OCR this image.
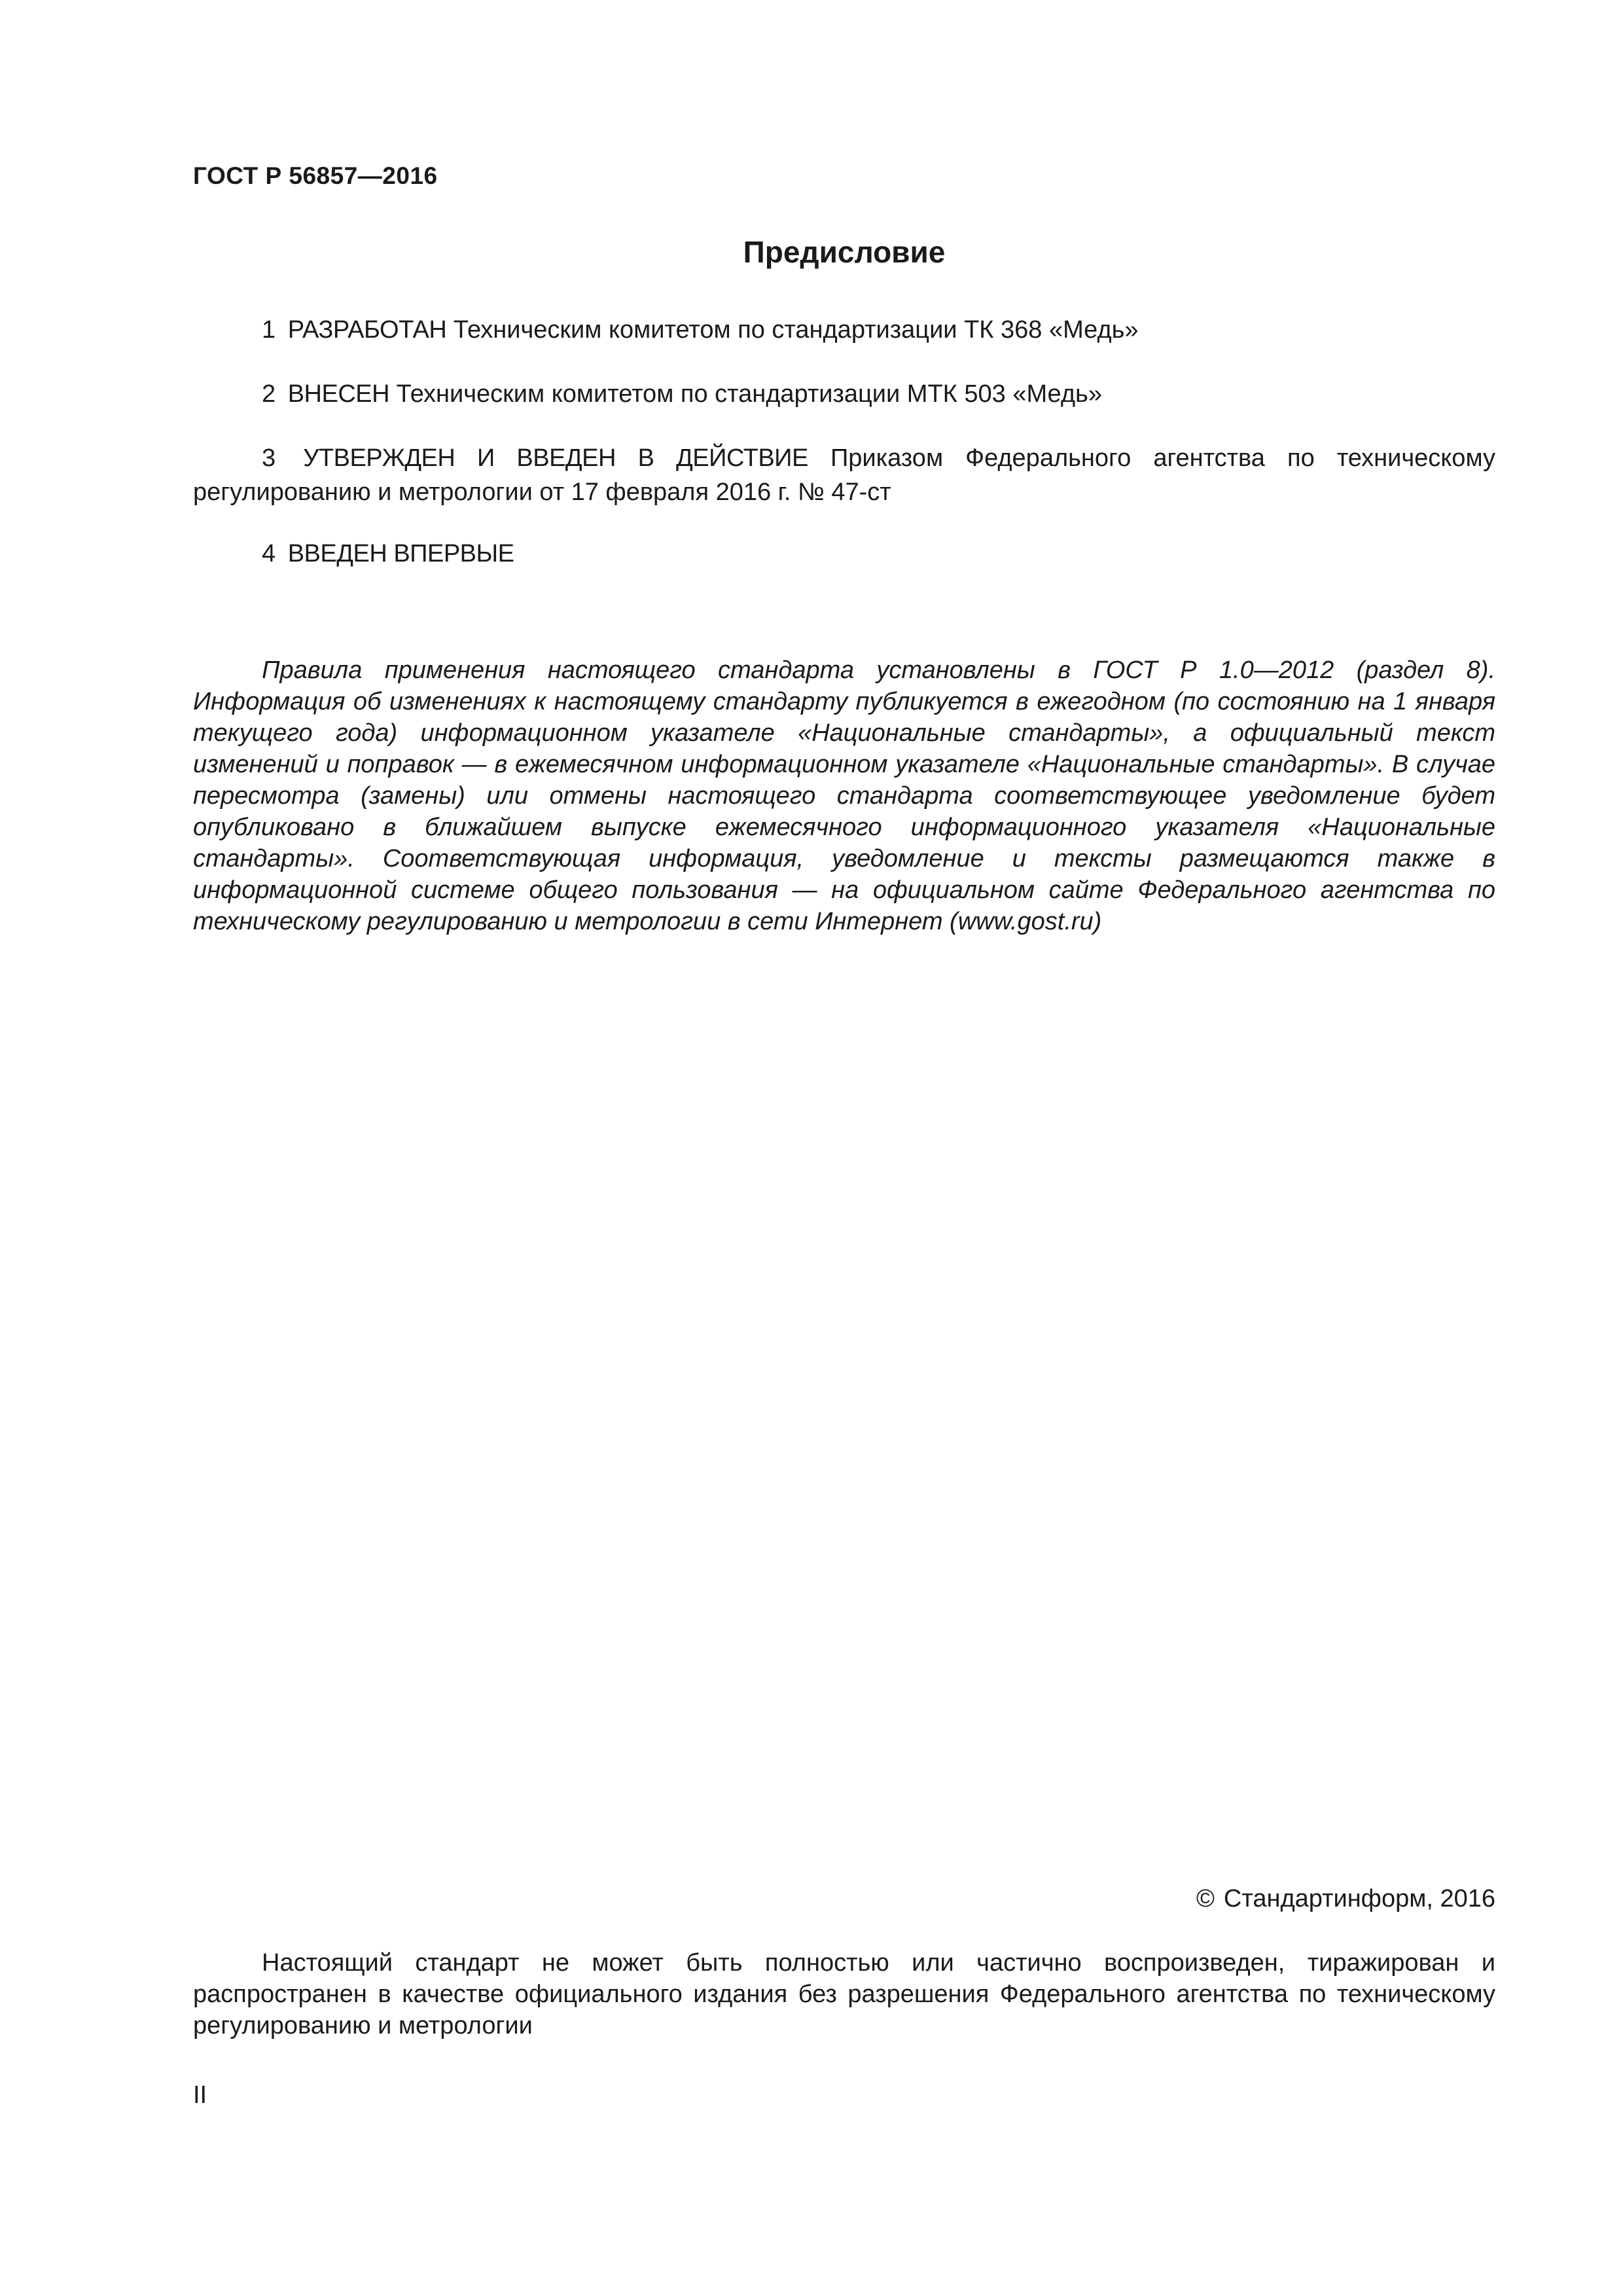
ГОСТ Р 56857—2016
Предисловие

1 РАЗРАБОТАН Техническим комитетом по стандартизации ТК 368 «Медь»

2 ВНЕСЕН Техническим комитетом по стандартизации МТК 503 «Медь»

3 УТВЕРЖДЕН И ВВЕДЕН В ДЕЙСТВИЕ Приказом Федерального агентства по техническому регулированию и метрологии от 17 февраля 2016 г. № 47-ст

4 ВВЕДЕН ВПЕРВЫЕ

Правила применения настоящего стандарта установлены в ГОСТ Р 1.0—2012 (раздел 8). Информация об изменениях к настоящему стандарту публикуется в ежегодном (по состоянию на 1 января текущего года) информационном указателе «Национальные стандарты», а официальный текст изменений и поправок — в ежемесячном информационном указателе «Национальные стандарты». В случае пересмотра (замены) или отмены настоящего стандарта соответствующее уведомление будет опубликовано в ближайшем выпуске ежемесячного информационного указателя «Национальные стандарты». Соответствующая информация, уведомление и тексты размещаются также в информационной системе общего пользования — на официальном сайте Федерального агентства по техническому регулированию и метрологии в сети Интернет (www.gost.ru)

© Стандартинформ, 2016

Настоящий стандарт не может быть полностью или частично воспроизведен, тиражирован и распространен в качестве официального издания без разрешения Федерального агентства по техническому регулированию и метрологии

II
